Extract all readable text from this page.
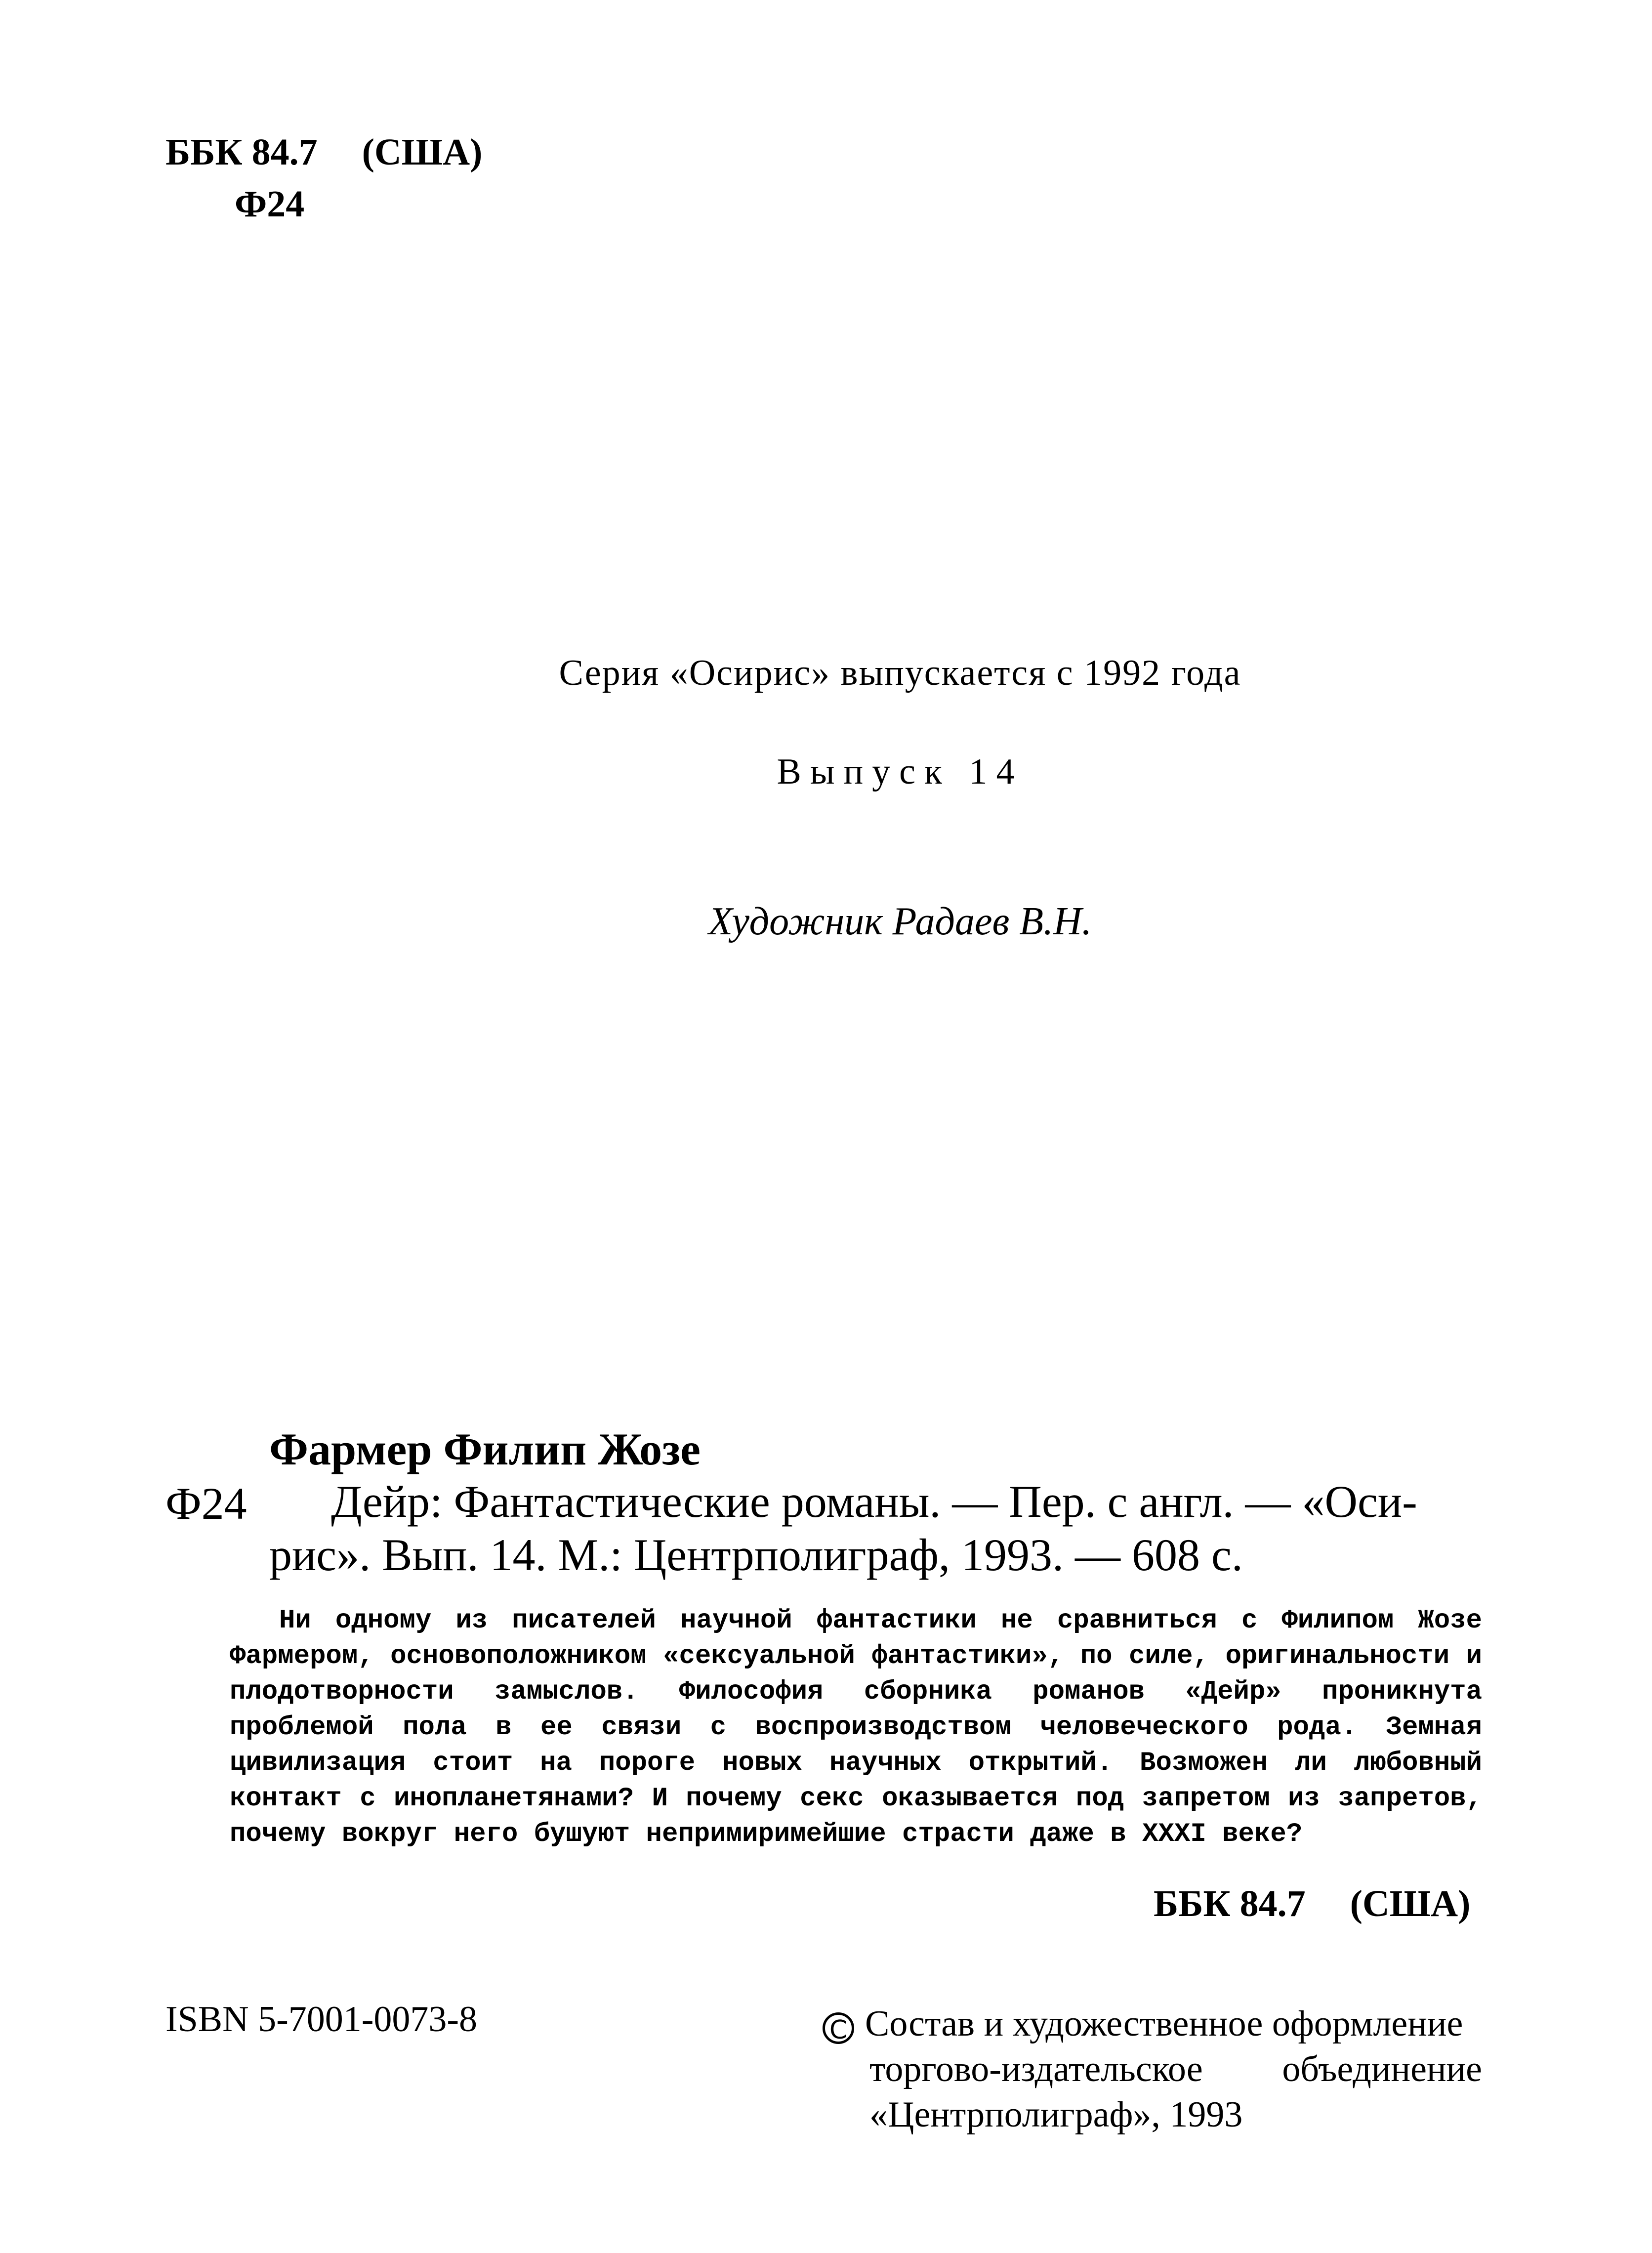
ББК 84.7 (США)
Ф24
Серия «Осирис» выпускается с 1992 года
Выпуск 14
Художник Радаев В.Н.
Фармер Филип Жозе
Ф24 Дейр: Фантастические романы. — Пер. с англ. — «Оси-
рис». Вып. 14. М.: Центрполиграф, 1993. — 608 с.
Ни одному из писателей научной фантастики не сравниться с Филипом Жозе Фармером, основоположником «сексуальной фантастики», по силе, оригинальности и плодотворности замыслов. Философия сборника романов «Дейр» проникнута проблемой пола в ее связи с воспроизводством человеческого рода. Земная цивилизация стоит на пороге новых научных открытий. Возможен ли любовный контакт с инопланетянами? И почему секс оказывается под запретом из запретов, почему вокруг него бушуют непримиримейшие страсти даже в XXXI веке?
ББК 84.7 (США)
ISBN 5-7001-0073-8	C Состав и художественное оформление
торгово-издательское объединение
«Центрполиграф», 1993
